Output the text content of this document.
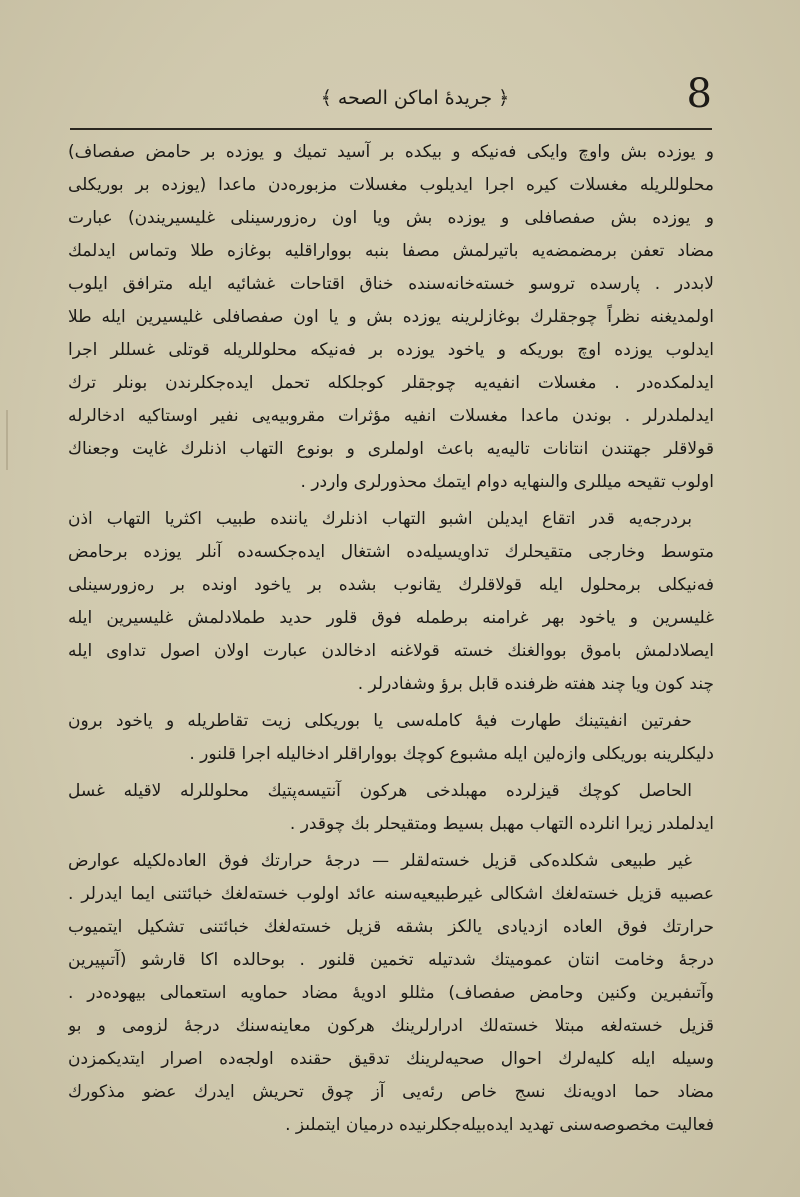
8
﴿ جريدهٔ اماكن الصحه ﴾
و يوزده بش واوچ وايكى فەنيكە و بيكده بر آسيد تميك و يوزده بر حامض صفصاف)
محلوللريله مغسلات كيره اجرا ايديلوب مغسلات مزبورەدن ماعدا (يوزده بر بوريكلى
و يوزده بش صفصافلى و يوزده بش ويا اون رەزورسينلى غليسيريندن) عبارت
مضاد تعفن برمضمضەيه باتيرلمش مصفا بنبه بوواراقليه بوغازه طلا وتماس ايدلمك
لابددر . پارسده تروسو خستەخانەسنده خناق اقتاحات غشائيه ايله مترافق ايلوب
اولمديغنه نظراً چوجقلرك بوغازلرينه يوزده بش و يا اون صفصافلى غليسيرين ايله طلا
ايدلوب يوزده اوچ بوريكه و ياخود يوزده بر فەنيكە محلوللريله قوتلى غسللر اجرا
ايدلمكدەدر . مغسلات انفيەيه چوجقلر كوجلكله تحمل ايدەجكلرندن بونلر ترك
ايدلملدرلر . بوندن ماعدا مغسلات انفيه مؤثرات مقروبيەيى نفير اوستاكيه ادخالرله
قولاقلر جهتندن انتانات تاليەيه باعث اولملرى و بونوع التهاب اذنلرك غايت وجعناك
اولوب تقيحه ميللرى والىنهايه دوام ايتمك محذورلرى واردر .
بردرجەيه قدر اتقاع ايديلن اشبو التهاب اذنلرك ياننده طبيب اكثريا التهاب اذن
متوسط وخارجى متقيحلرك تداويسيلەده اشتغال ايدەجكسەده آنلر يوزده برحامض
فەنيكلى برمحلول ايله قولاقلرك يقانوب بشدە بر ياخود اونده بر رەزورسينلى
غليسرين و ياخود بهر غرامنه برطمله فوق قلور حديد طملادلمش غليسيرين ايله
ايصلادلمش باموق بووالغنك خسته قولاغنه ادخالدن عبارت اولان اصول تداوى ايله
چند كون ويا چند هفته ظرفنده قابل برؤ وشفادرلر .
حفرتين انفيتينك طهارت فيهٔ كاملەسى يا بوريكلى زيت تقاطريله و ياخود برون
دليكلرينه بوريكلى وازەلين ايله مشبوع كوچك بوواراقلر ادخاليله اجرا قلنور .
الحاصل كوچك قيزلرده مهبلدخى هركون آنتيسەپتيك محلوللرله لاقيله غسل
ايدلملدر زيرا انلرده التهاب مهبل بسيط ومتقيحلر بك چوقدر .
غير طبيعى شكلدەكى قزيل خستەلقلر — درجهٔ حرارتك فوق العادەلكيله عوارض
عصبيه قزيل خستەلغك اشكالى غيرطبيعيەسنه عائد اولوب خستەلغك خبائتنى ايما ايدرلر .
حرارتك فوق العاده ازديادى يالكز بشقه قزيل خستەلغك خبائتنى تشكيل ايتميوب
درجهٔ وخامت انتان عموميتك شدتيله تخمين قلنور . بوحالده اكا قارشو (آتىپيرين
وآتىفبرين وكنين وحامض صفصاف) مثللو ادويهٔ مضاد حماويه استعمالى بيهودەدر .
قزيل خستەلغه مبتلا خستەلك ادرارلرينك هركون معاينەسنك درجهٔ لزومى و بو
وسيله ايله كليەلرك احوال صحيەلرينك تدقيق حقنده اولجەده اصرار ايتديكمزدن
مضاد حما ادويەنك نسج خاص رئەيى آز چوق تحريش ايدرك عضو مذكورك
فعاليت مخصوصەسنى تهديد ايدەبيلەجكلرنيده درميان ايتملىز .
